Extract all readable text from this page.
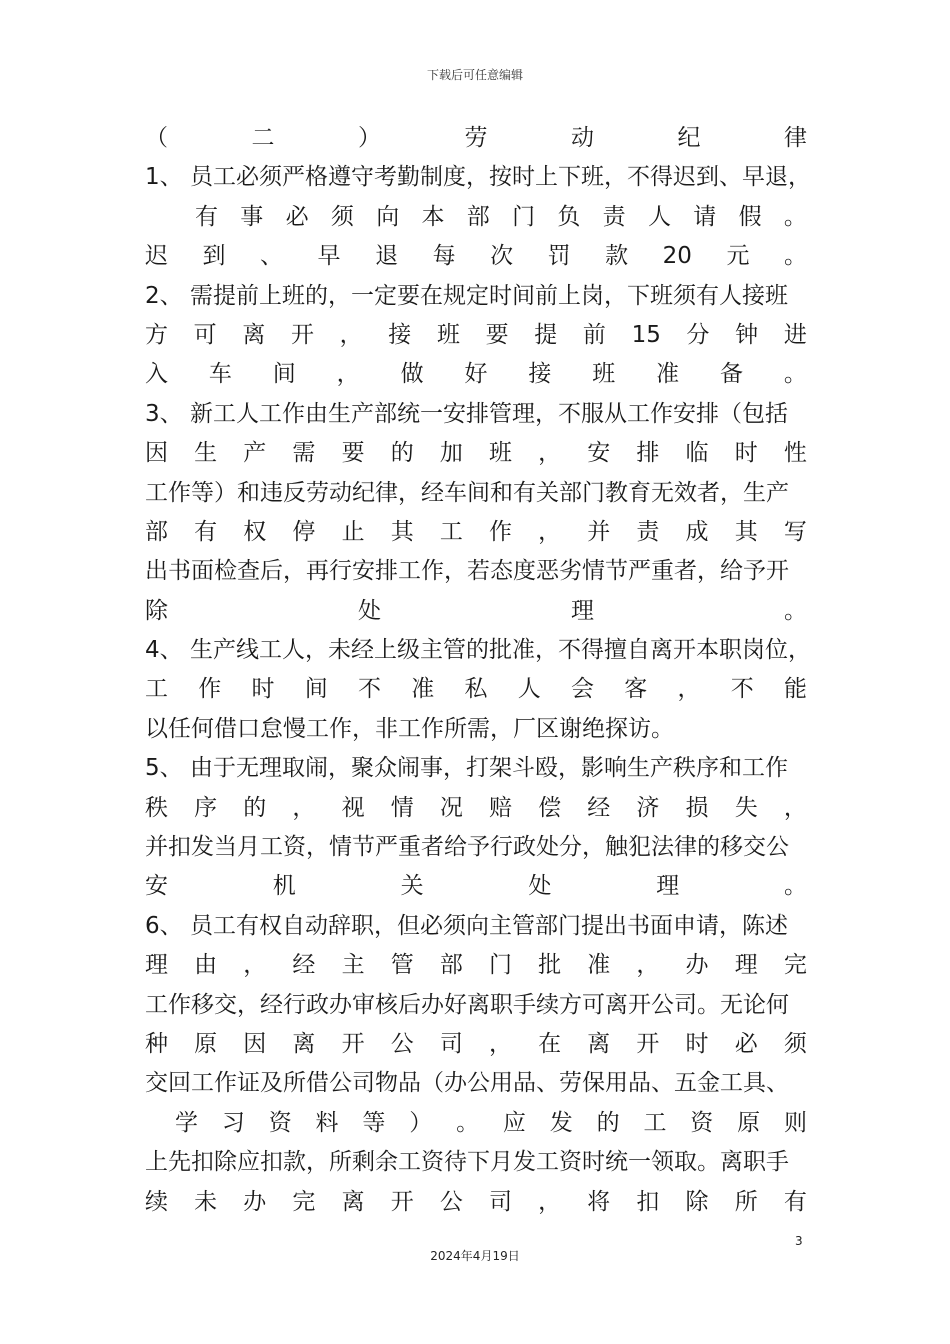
下载后可任意编辑
（	二	）	劳	动	纪	律
1、 员工必须严格遵守考勤制度，按时上下班，不得迟到、早退，
有 事 必 须 向 本 部 门 负 责 人 请 假 。
迟 到 、 早 退 每 次 罚 款 20 元 。
2、 需提前上班的，一定要在规定时间前上岗，下班须有人接班
方 可 离 开 ， 接 班 要 提 前 15 分 钟 进
入 车 间 ， 做 好 接 班 准 备 。
3、 新工人工作由生产部统一安排管理，不服从工作安排（包括
因 生 产 需 要 的 加 班 ， 安 排 临 时 性
工作等）和违反劳动纪律，经车间和有关部门教育无效者，生产
部 有 权 停 止 其 工 作 ， 并 责 成 其 写
出书面检查后，再行安排工作，若态度恶劣情节严重者，给予开
除	处	理	。
4、 生产线工人，未经上级主管的批准，不得擅自离开本职岗位，
工 作 时 间 不 准 私 人 会 客 ， 不 能
以任何借口怠慢工作，非工作所需，厂区谢绝探访。
5、 由于无理取闹，聚众闹事，打架斗殴，影响生产秩序和工作
秩 序 的 ， 视 情 况 赔 偿 经 济 损 失 ，
并扣发当月工资，情节严重者给予行政处分，触犯法律的移交公
安	机	关	处	理	。
6、 员工有权自动辞职，但必须向主管部门提出书面申请，陈述
理 由 ， 经 主 管 部 门 批 准 ， 办 理 完
工作移交，经行政办审核后办好离职手续方可离开公司。无论何
种 原 因 离 开 公 司 ， 在 离 开 时 必 须
交回工作证及所借公司物品（办公用品、劳保用品、五金工具、
学 习 资 料 等 ） 。 应 发 的 工 资 原 则
上先扣除应扣款，所剩余工资待下月发工资时统一领取。离职手
续 未 办 完 离 开 公 司 ， 将 扣 除 所 有
3
2024年4月19日
